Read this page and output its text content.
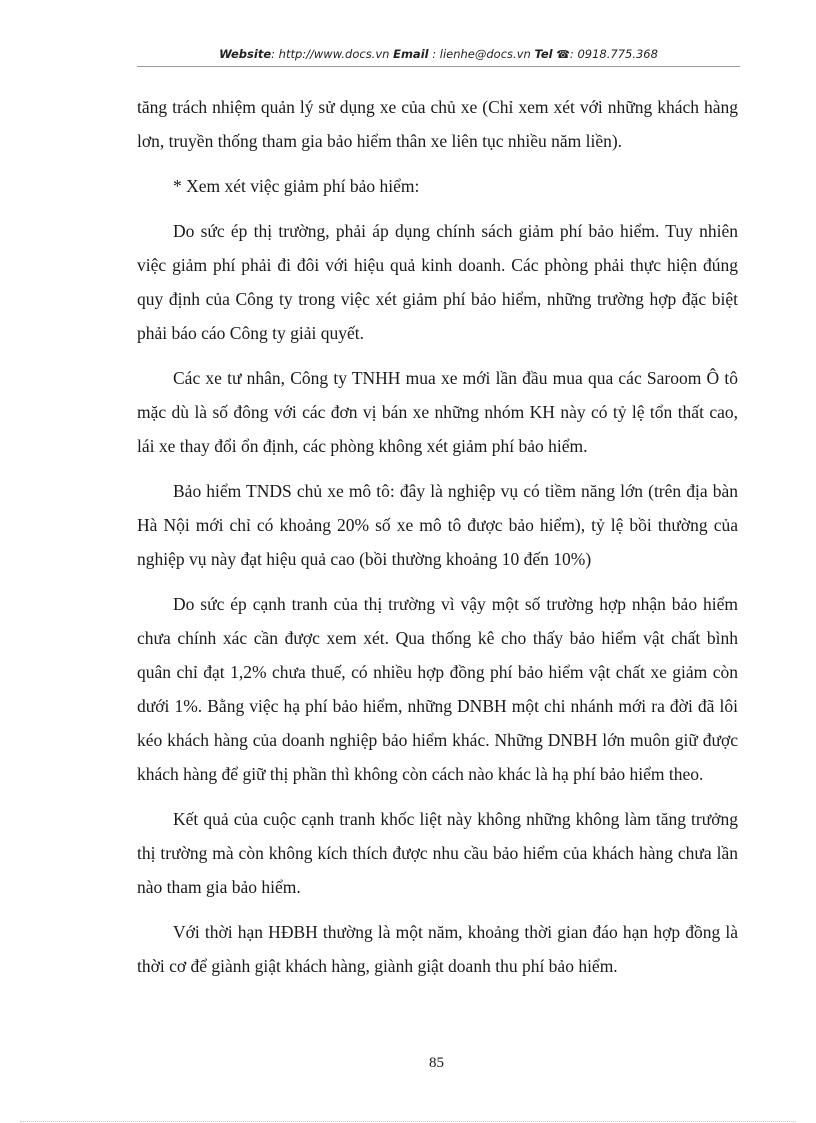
Website: http://www.docs.vn Email : lienhe@docs.vn Tel ☎: 0918.775.368

tăng trách nhiệm quản lý sử dụng xe của chủ xe (Chỉ xem xét với những khách hàng lơn, truyền thống tham gia bảo hiểm thân xe liên tục nhiều năm liền).

* Xem xét việc giảm phí bảo hiểm:

Do sức ép thị trường, phải áp dụng chính sách giảm phí bảo hiểm. Tuy nhiên việc giảm phí phải đi đôi với hiệu quả kinh doanh. Các phòng phải thực hiện đúng quy định của Công ty trong việc xét giảm phí bảo hiểm, những trường hợp đặc biệt phải báo cáo Công ty giải quyết.

Các xe tư nhân, Công ty TNHH mua xe mới lần đầu mua qua các Saroom Ô tô mặc dù là số đông với các đơn vị bán xe những nhóm KH này có tỷ lệ tổn thất cao, lái xe thay đổi ổn định, các phòng không xét giảm phí bảo hiểm.

Bảo hiểm TNDS chủ xe mô tô: đây là nghiệp vụ có tiềm năng lớn (trên địa bàn Hà Nội mới chỉ có khoảng 20% số xe mô tô được bảo hiểm), tỷ lệ bồi thường của nghiệp vụ này đạt hiệu quả cao (bồi thường khoảng 10 đến 10%)

Do sức ép cạnh tranh của thị trường vì vậy một số trường hợp nhận bảo hiểm chưa chính xác cần được xem xét. Qua thống kê cho thấy bảo hiểm vật chất bình quân chỉ đạt 1,2% chưa thuế, có nhiều hợp đồng phí bảo hiểm vật chất xe giảm còn dưới 1%. Bằng việc hạ phí bảo hiểm, những DNBH một chi nhánh mới ra đời đã lôi kéo khách hàng của doanh nghiệp bảo hiểm khác. Những DNBH lớn muôn giữ được khách hàng để giữ thị phần thì không còn cách nào khác là hạ phí bảo hiểm theo.

Kết quả của cuộc cạnh tranh khốc liệt này không những không làm tăng trưởng thị trường mà còn không kích thích được nhu cầu bảo hiểm của khách hàng chưa lần nào tham gia bảo hiểm.

Với thời hạn HĐBH thường là một năm, khoảng thời gian đáo hạn hợp đồng là thời cơ để giành giật khách hàng, giành giật doanh thu phí bảo hiểm.

85
